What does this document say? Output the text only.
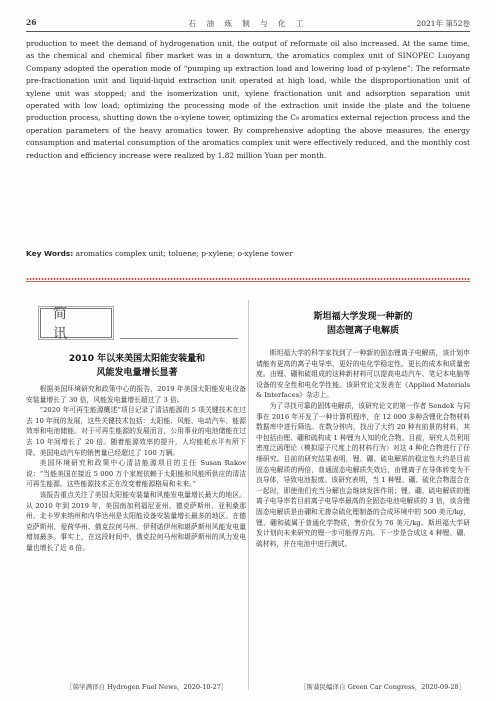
26	石 油 炼 制 与 化 工	2021年 第52卷
production to meet the demand of hydrogenation unit, the output of reformate oil also increased. At the same time, as the chemical and chemical fiber market was in a downturn, the aromatics complex unit of SINOPEC Luoyang Company adopted the operation mode of “pumping up extraction load and lowering load of p-xylene”: The reformate pre-fractionation unit and liquid-liquid extraction unit operated at high load, while the disproportionation unit of xylene unit was stopped; and the isomerization unit, xylene fractionation unit and adsorption separation unit operated with low load; optimizing the processing mode of the extraction unit inside the plate and the toluene production process, shutting down the o-xylene tower, optimizing the C₉ aromatics external rejection process and the operation parameters of the heavy aromatics tower. By comprehensive adopting the above measures, the energy consumption and material consumption of the aromatics complex unit were effectively reduced, and the monthly cost reduction and efficiency increase were realized by 1.82 million Yuan per month.
Key Words: aromatics complex unit; toluene; p-xylene; o-xylene tower
简 讯
2010 年以来美国太阳能安装量和
风能发电量增长显著

根据美国环境研究和政策中心的报告，2019 年美国太阳能发电设备安装量增长了 30 倍，风能发电量增长超过了 3 倍。

“2020 年可再生能源概述”项目记录了清洁能源的 5 项关键技术在过去 10 年间的发展，这些关键技术包括：太阳能、风能、电动汽车、能源效率和电池储能。对于可再生能源的发展而言，公用事业的电池储能在过去 10 年间增长了 20 倍。随着能源效率的提升，人均能耗水平有所下降。美国电动汽车的销售量已经超过了 100 万辆。

美国环境研究和政策中心清洁能源项目的主任 Susan Rakov 说：“当能美国在接近 5 000 万个家庭依赖于太阳能和风能所供应的清洁可再生能源。这些能源技术正在改变着能源格局和未来。”

该报告重点关注了美国太阳能安装量和风能发电量增长最大的地区。从 2010 年到 2019 年，美国南加利福尼亚州、德克萨斯州、亚利桑那州、北卡罗来纳州和内华达州是太阳能设备安装量增长最多的地区。在德克萨斯州、爱荷华州、俄克拉何马州、伊利诺伊州和堪萨斯州风能发电量增加最多。事实上，在这段时间中，俄克拉何马州和堪萨斯州的风力发电量也增长了近 8 倍。

［韩学满译自 Hydrogen Fuel News，2020-10-27］
斯坦福大学发现一种新的
固态锂离子电解质

斯坦福大学的科学家找到了一种新的固态锂离子电解质，该计划申请能有更高的离子电导率、更好的电化学稳定性、更长的成本和质量密度。由锂、硼和硫组成的这种新材料可以提高电动汽车、笔记本电脑等设备的安全性和电化学性能。该研究论文发表在《Applied Materials & Interfaces》杂志上。

为了寻找可靠的固体电解质，该研究论文的第一作者 Sendek 与同事在 2016 年开发了一种计算机程序，在 12 000 多种含锂化合物材料数据库中进行筛选。在数分钟内，找出了大约 20 种有前景的材料，其中包括由锂、硼和硫构成 1 种锂为人知的化合物。目前，研究人员利用密度泛函理论（模拟原子尺度上的材料行为）对这 4 种化合物进行了仔细研究。目前的研究结果表明，锂、硼、硫电解质的稳定性大约是目前固态电解质的两倍，普通固态电解质失效后，由锂离子在导体转变为不良导体，导致电池报废。该研究表明，当 1 种锂、硼、硫化合物混合在一起时，即使他们充当分解也会继续发挥作用；锂、硼、硫电解质的锂离子电导率若目前离子电导率最高的全固态电池电解质的 3 倍，该含锂固态电解质是由硼和无掺杂硫化锂制备的合成环境中的 500 美元/kg，锂、硼和硫属于普通化学物质，售价仅为 76 美元/kg。斯坦福大学研发计划向未来研究的锂一步可能得方向。下一步是合成这 4 种锂、硼、硫材料，并在电池中进行测试。

［斯葵民编译自 Green Car Congress，2020-09-28］
